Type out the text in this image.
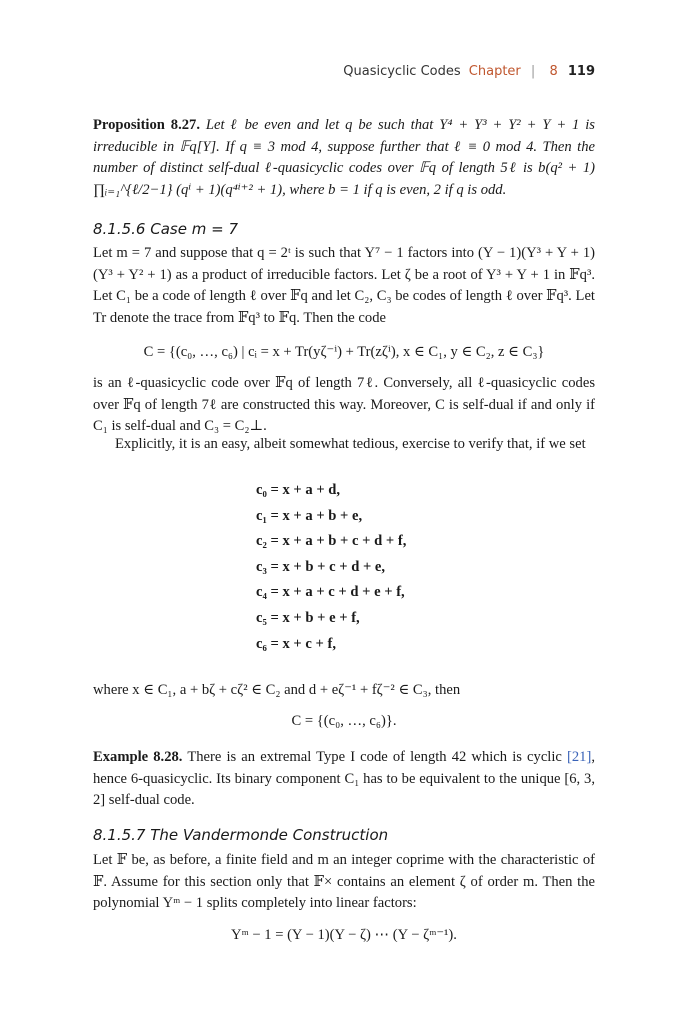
Quasicyclic Codes Chapter | 8 119
Proposition 8.27. Let ℓ be even and let q be such that Y⁴ + Y³ + Y² + Y + 1 is irreducible in 𝔽q[Y]. If q ≡ 3 mod 4, suppose further that ℓ ≡ 0 mod 4. Then the number of distinct self-dual ℓ-quasicyclic codes over 𝔽q of length 5ℓ is b(q² + 1) ∏ᵢ₌₁^{ℓ/2−1} (qⁱ + 1)(q⁴ⁱ⁺² + 1), where b = 1 if q is even, 2 if q is odd.
8.1.5.6 Case m = 7
Let m = 7 and suppose that q = 2ᵗ is such that Y⁷ − 1 factors into (Y − 1)(Y³ + Y + 1)(Y³ + Y² + 1) as a product of irreducible factors. Let ζ be a root of Y³ + Y + 1 in 𝔽q³. Let C₁ be a code of length ℓ over 𝔽q and let C₂, C₃ be codes of length ℓ over 𝔽q³. Let Tr denote the trace from 𝔽q³ to 𝔽q. Then the code
C = {(c₀, …, c₆) | cᵢ = x + Tr(yζ⁻ⁱ) + Tr(zζⁱ), x ∈ C₁, y ∈ C₂, z ∈ C₃}
is an ℓ-quasicyclic code over 𝔽q of length 7ℓ. Conversely, all ℓ-quasicyclic codes over 𝔽q of length 7ℓ are constructed this way. Moreover, C is self-dual if and only if C₁ is self-dual and C₃ = C₂⊥.
Explicitly, it is an easy, albeit somewhat tedious, exercise to verify that, if we set
c₀ = x + a + d,
c₁ = x + a + b + e,
c₂ = x + a + b + c + d + f,
c₃ = x + b + c + d + e,
c₄ = x + a + c + d + e + f,
c₅ = x + b + e + f,
c₆ = x + c + f,
where x ∈ C₁, a + bζ + cζ² ∈ C₂ and d + eζ⁻¹ + fζ⁻² ∈ C₃, then
C = {(c₀, …, c₆)}.
Example 8.28. There is an extremal Type I code of length 42 which is cyclic [21], hence 6-quasicyclic. Its binary component C₁ has to be equivalent to the unique [6, 3, 2] self-dual code.
8.1.5.7 The Vandermonde Construction
Let 𝔽 be, as before, a finite field and m an integer coprime with the characteristic of 𝔽. Assume for this section only that 𝔽× contains an element ζ of order m. Then the polynomial Yᵐ − 1 splits completely into linear factors:
Yᵐ − 1 = (Y − 1)(Y − ζ) ⋯ (Y − ζᵐ⁻¹).
